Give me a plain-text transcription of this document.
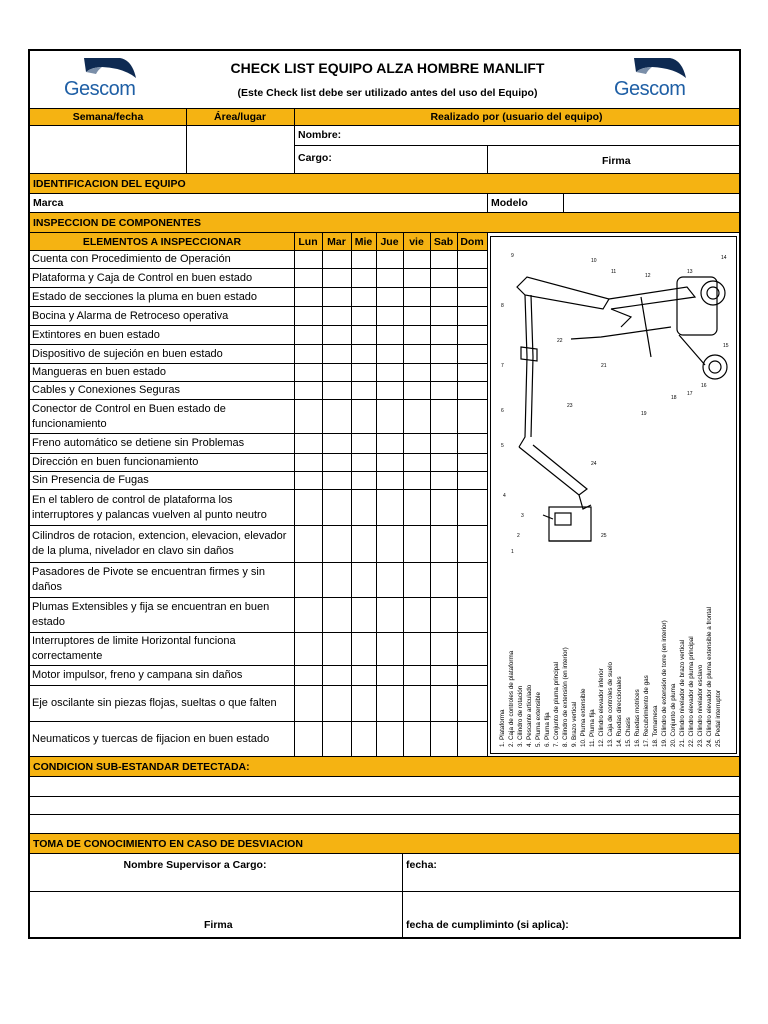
Gescom	Gescom
CHECK LIST EQUIPO ALZA HOMBRE MANLIFT
(Este Check list debe ser utilizado antes del uso del Equipo)
Semana/fecha	Área/lugar	Realizado por (usuario del equipo)
Nombre:
Cargo:	Firma
IDENTIFICACION DEL EQUIPO
Marca	Modelo
INSPECCION DE COMPONENTES
ELEMENTOS A INSPECCIONAR	Lun Mar Mie Jue	vie Sab Dom
Cuenta con Procedimiento de Operación
Plataforma y Caja de Control en buen estado
Estado de secciones la pluma en buen estado
Bocina y Alarma de Retroceso operativa
Extintores en buen estado
Dispositivo de sujeción en buen estado
Mangueras en buen estado
Cables y Conexiones Seguras
Conector de Control en Buen estado de funcionamiento
Freno automático se detiene sin Problemas
Dirección en buen funcionamiento
Sin Presencia de Fugas
En el tablero de control de plataforma los interruptores y palancas vuelven al punto neutro
Cilindros de rotacion, extencion, elevacion, elevador de la pluma, nivelador en clavo sin daños
Pasadores de Pivote se encuentran firmes y sin daños
Plumas Extensibles y fija se encuentran en buen estado
Interruptores de limite Horizontal funciona correctamente
Motor impulsor, freno y campana sin daños
Eje oscilante sin piezas flojas, sueltas o que falten
Neumaticos y tuercas de fijacion en buen estado
9
10
11
12
13
14
15
16
17
18
19
22
23
24
25
8
7
6
5
4
3
2
1
21
1. Plataforma 2. Caja de controles de plataforma 3. Cilindro de rotación 4. Pescante articulado 5. Pluma extensible 6. Pluma fija 7. Conjunto de pluma principal 8. Cilindro de extensión (en interior) 9. Brazo vertical 10. Pluma extensible 11. Pluma fija 12. Cilindro elevador inferior 13. Caja de controles de suelo 14. Ruedas direccionales 15. Chasis 16. Ruedas motrices 17. Recubrimiento de gas 18. Tornamesa 19. Cilindro de extensión de torre (en interior) 20. Conjunto de pluma 21. Cilindro nivelador de brazo vertical 22. Cilindro elevador de pluma principal 23. Cilindro nivelador esclavo 24. Cilindro elevador de pluma extensible a frontal 25. Pedal interruptor
CONDICION SUB-ESTANDAR DETECTADA:
TOMA DE CONOCIMIENTO EN CASO DE DESVIACION
Nombre Supervisor a Cargo:	fecha:
Firma	fecha de cumpliminto (si aplica):
